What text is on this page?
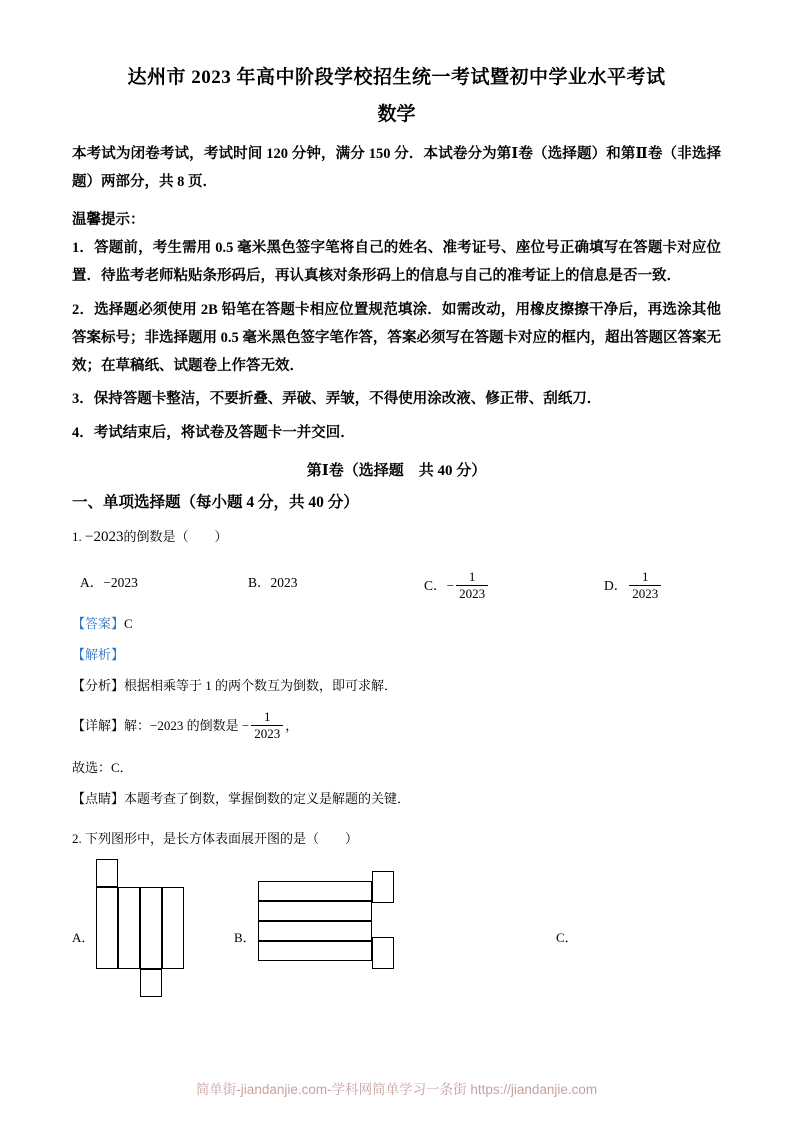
达州市 2023 年高中阶段学校招生统一考试暨初中学业水平考试
数学
本考试为闭卷考试，考试时间 120 分钟，满分 150 分．本试卷分为第Ⅰ卷（选择题）和第Ⅱ卷（非选择题）两部分，共 8 页．
温馨提示：
1．答题前，考生需用 0.5 毫米黑色签字笔将自己的姓名、准考证号、座位号正确填写在答题卡对应位置．待监考老师粘贴条形码后，再认真核对条形码上的信息与自己的准考证上的信息是否一致．
2．选择题必须使用 2B 铅笔在答题卡相应位置规范填涂．如需改动，用橡皮擦擦干净后，再选涂其他答案标号；非选择题用 0.5 毫米黑色签字笔作答，答案必须写在答题卡对应的框内，超出答题区答案无效；在草稿纸、试题卷上作答无效．
3．保持答题卡整洁，不要折叠、弄破、弄皱，不得使用涂改液、修正带、刮纸刀．
4．考试结束后，将试卷及答题卡一并交回．
第Ⅰ卷（选择题　共 40 分）
一、单项选择题（每小题 4 分，共 40 分）
1. −2023的倒数是（　　）
A．−2023	B．2023	C．− $\frac{1}{2023}$	D． $\frac{1}{2023}$
【答案】C
【解析】
【分析】根据相乘等于 1 的两个数互为倒数，即可求解．
【详解】解：−2023 的倒数是 − $\frac{1}{2023}$ ，
故选：C．
【点睛】本题考查了倒数，掌握倒数的定义是解题的关键．
2. 下列图形中，是长方体表面展开图的是（　　）
A．	B．	C．
简单街-jiandanjie.com-学科网简单学习一条街 https://jiandanjie.com
